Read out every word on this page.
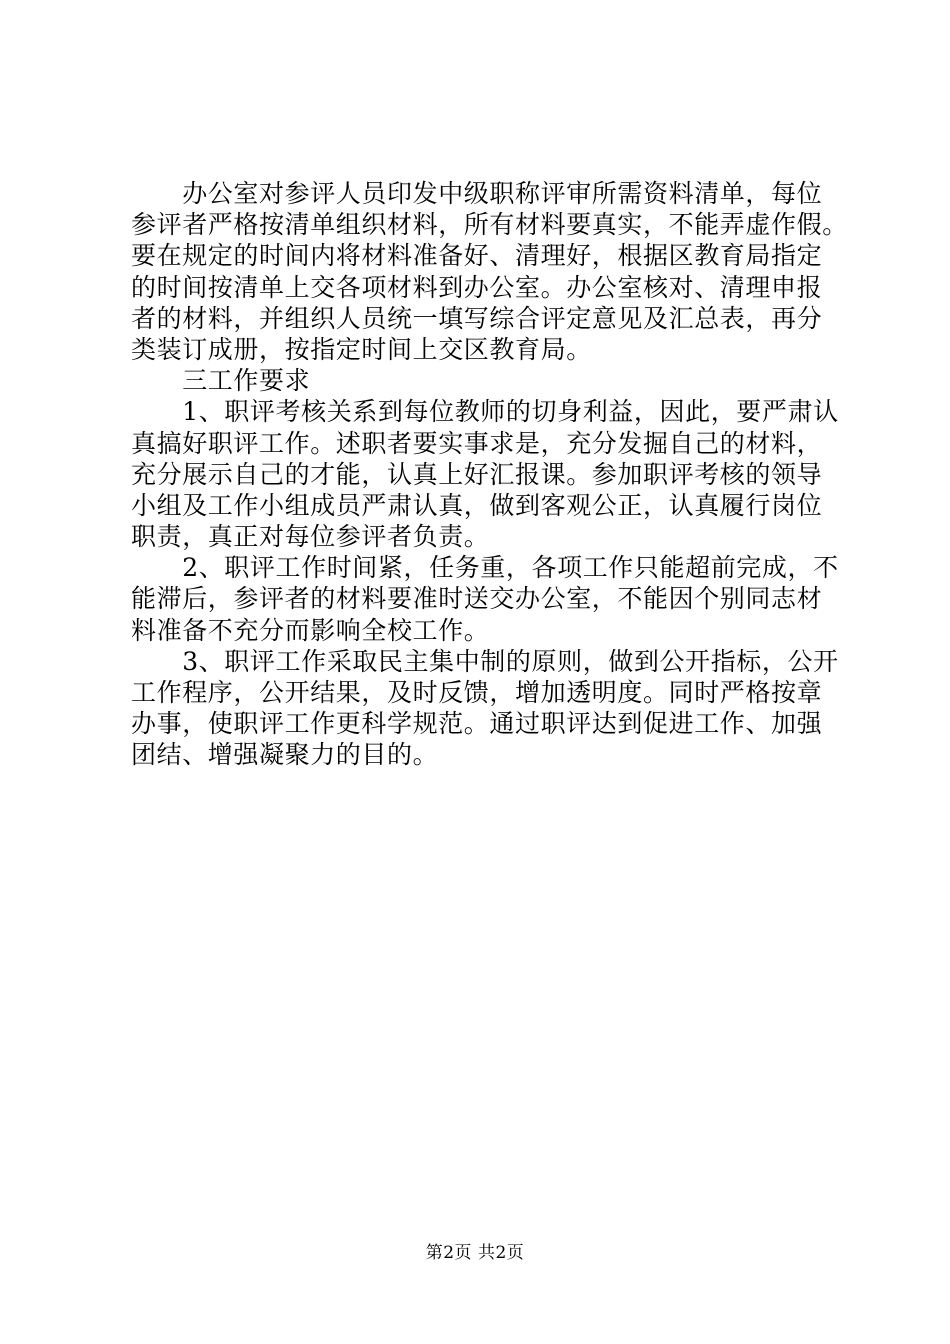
　　办公室对参评人员印发中级职称评审所需资料清单，每位
参评者严格按清单组织材料，所有材料要真实，不能弄虚作假。
要在规定的时间内将材料准备好、清理好，根据区教育局指定
的时间按清单上交各项材料到办公室。办公室核对、清理申报
者的材料，并组织人员统一填写综合评定意见及汇总表，再分
类装订成册，按指定时间上交区教育局。
　　三工作要求
　　1、职评考核关系到每位教师的切身利益，因此，要严肃认
真搞好职评工作。述职者要实事求是，充分发掘自己的材料，
充分展示自己的才能，认真上好汇报课。参加职评考核的领导
小组及工作小组成员严肃认真，做到客观公正，认真履行岗位
职责，真正对每位参评者负责。
　　2、职评工作时间紧，任务重，各项工作只能超前完成，不
能滞后，参评者的材料要准时送交办公室，不能因个别同志材
料准备不充分而影响全校工作。
　　3、职评工作采取民主集中制的原则，做到公开指标，公开
工作程序，公开结果，及时反馈，增加透明度。同时严格按章
办事，使职评工作更科学规范。通过职评达到促进工作、加强
团结、增强凝聚力的目的。
第2页 共2页
